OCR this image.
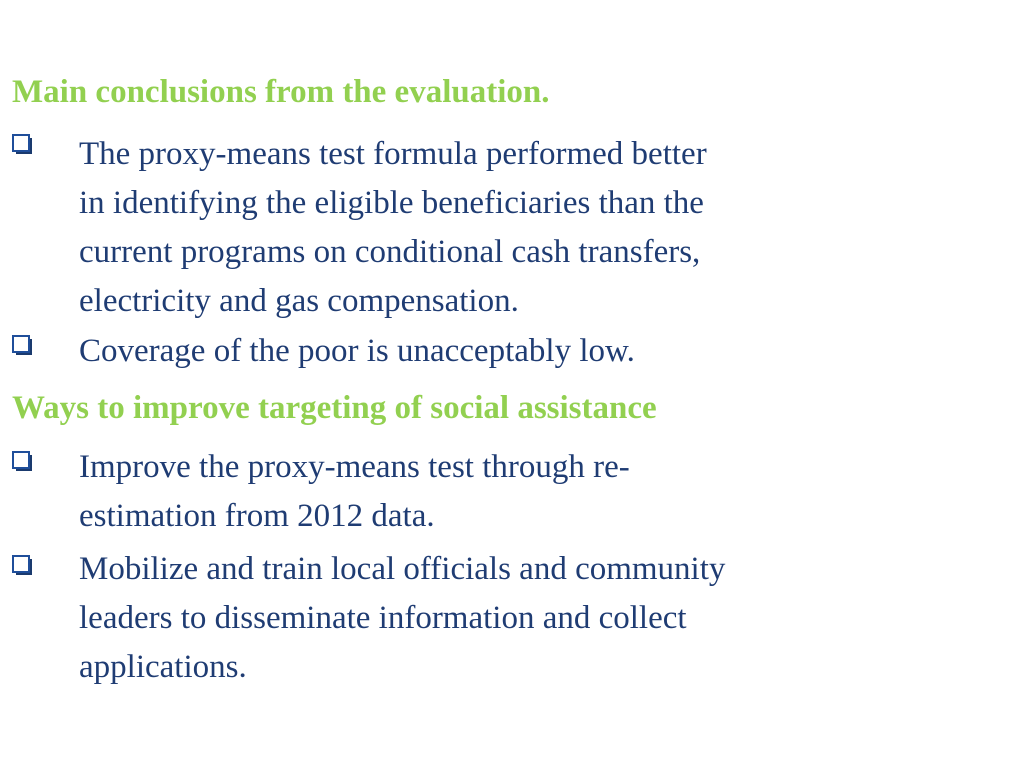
Main conclusions from the evaluation.
The proxy-means test formula performed better
in identifying the eligible beneficiaries than the
current programs on conditional cash transfers,
electricity and gas compensation.
Coverage of the poor is unacceptably low.
Ways to improve targeting of social assistance
Improve the proxy-means test through re-
estimation from 2012 data.
Mobilize and train local officials and community
leaders to disseminate information and collect
applications.
